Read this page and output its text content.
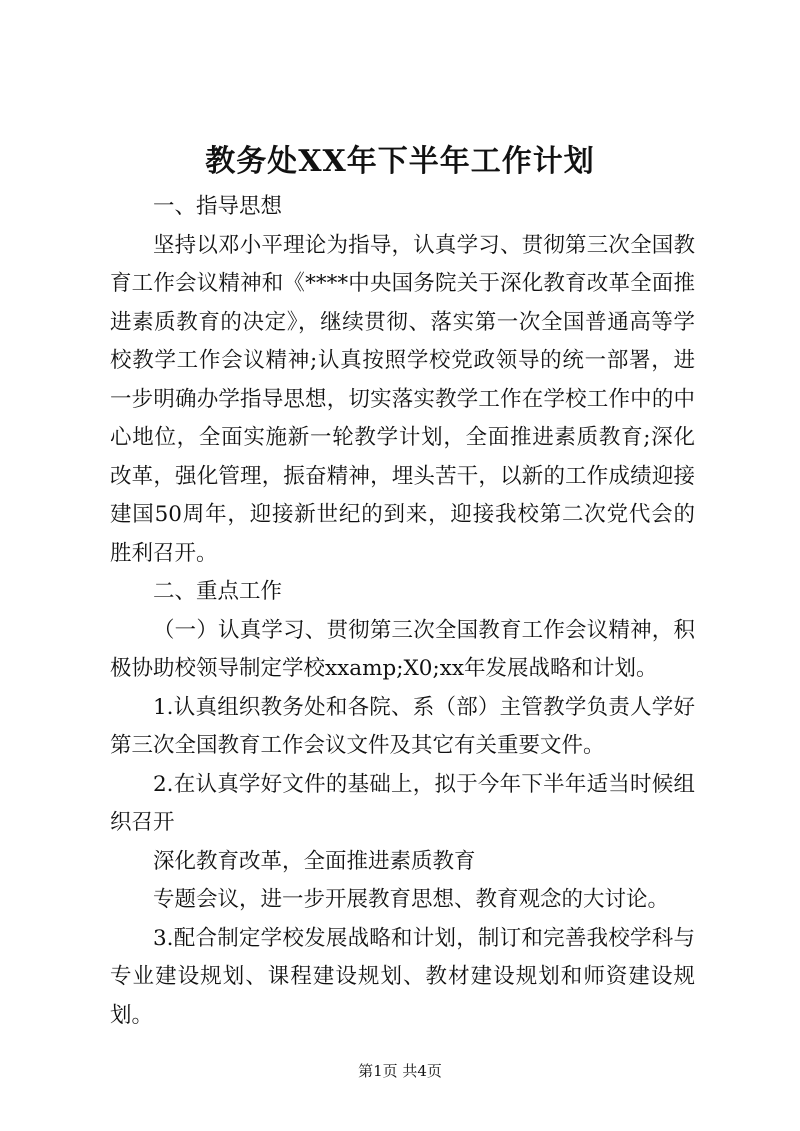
教务处XX年下半年工作计划

一、指导思想

坚持以邓小平理论为指导，认真学习、贯彻第三次全国教育工作会议精神和《****中央国务院关于深化教育改革全面推进素质教育的决定》，继续贯彻、落实第一次全国普通高等学校教学工作会议精神;认真按照学校党政领导的统一部署，进一步明确办学指导思想，切实落实教学工作在学校工作中的中心地位，全面实施新一轮教学计划，全面推进素质教育;深化改革，强化管理，振奋精神，埋头苦干，以新的工作成绩迎接建国50周年，迎接新世纪的到来，迎接我校第二次党代会的胜利召开。

二、重点工作

（一）认真学习、贯彻第三次全国教育工作会议精神，积极协助校领导制定学校xxamp;X0;xx年发展战略和计划。

1.认真组织教务处和各院、系（部）主管教学负责人学好第三次全国教育工作会议文件及其它有关重要文件。

2.在认真学好文件的基础上，拟于今年下半年适当时候组织召开

深化教育改革，全面推进素质教育

专题会议，进一步开展教育思想、教育观念的大讨论。

3.配合制定学校发展战略和计划，制订和完善我校学科与专业建设规划、课程建设规划、教材建设规划和师资建设规划。

第1页 共4页
